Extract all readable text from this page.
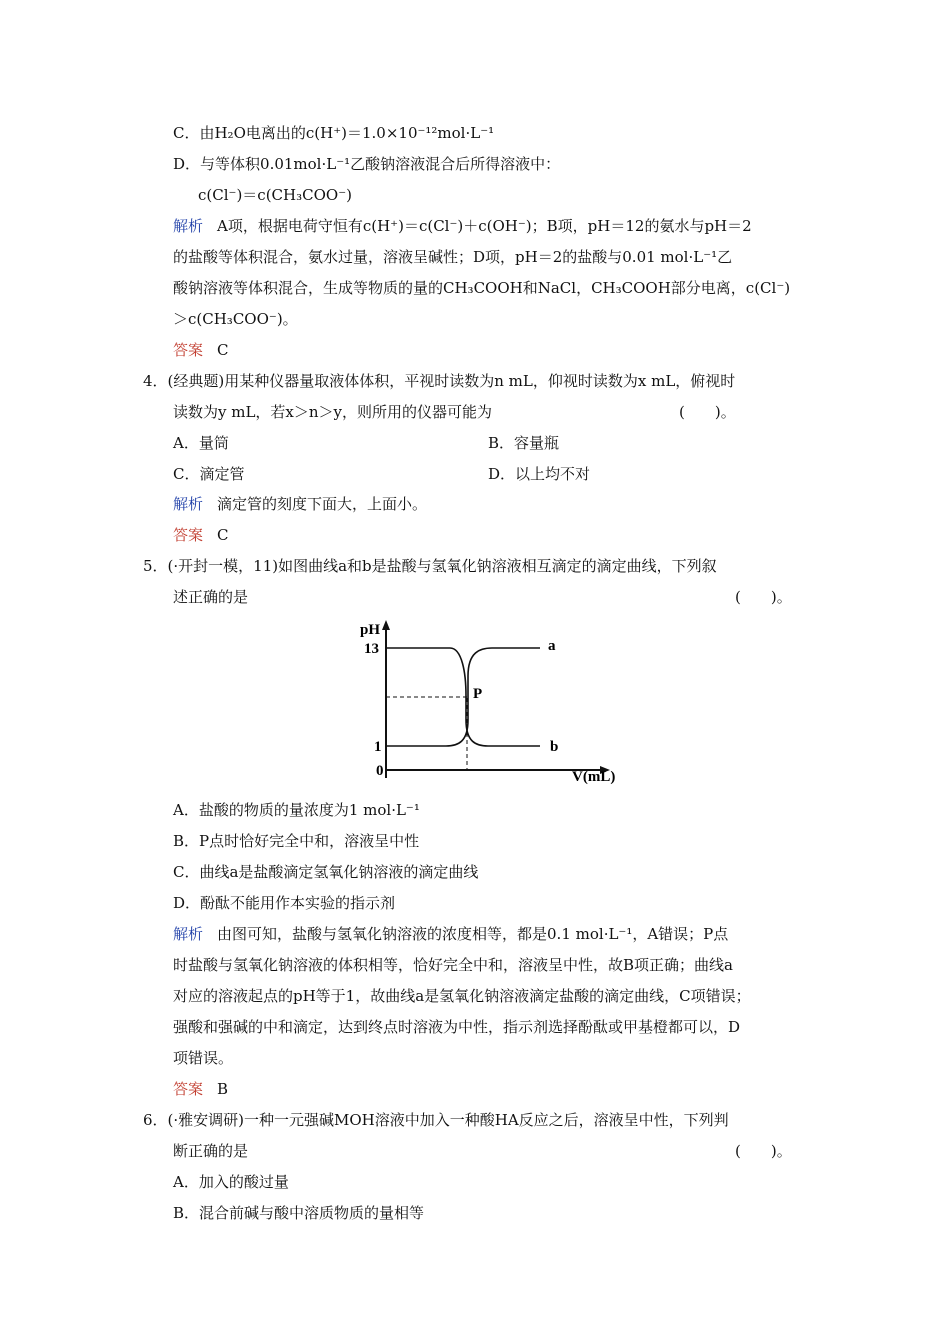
C．由H₂O电离出的c(H⁺)＝1.0×10⁻¹²mol·L⁻¹
D．与等体积0.01mol·L⁻¹乙酸钠溶液混合后所得溶液中：
c(Cl⁻)＝c(CH₃COO⁻)
解析 A项，根据电荷守恒有c(H⁺)＝c(Cl⁻)＋c(OH⁻)；B项，pH＝12的氨水与pH＝2
的盐酸等体积混合，氨水过量，溶液呈碱性；D项，pH＝2的盐酸与0.01 mol·L⁻¹乙
酸钠溶液等体积混合，生成等物质的量的CH₃COOH和NaCl，CH₃COOH部分电离，c(Cl⁻)
＞c(CH₃COO⁻)。
答案 C
4．(经典题)用某种仪器量取液体体积，平视时读数为n mL，仰视时读数为x mL，俯视时
读数为y mL，若x＞n＞y，则所用的仪器可能为	(　　)。
A．量筒	B．容量瓶
C．滴定管	D．以上均不对
解析 滴定管的刻度下面大，上面小。
答案 C
5．(·开封一模，11)如图曲线a和b是盐酸与氢氧化钠溶液相互滴定的滴定曲线，下列叙
述正确的是	(　　)。
pH
13
1
0	V(mL)
a
b
P
A．盐酸的物质的量浓度为1 mol·L⁻¹
B．P点时恰好完全中和，溶液呈中性
C．曲线a是盐酸滴定氢氧化钠溶液的滴定曲线
D．酚酞不能用作本实验的指示剂
解析 由图可知，盐酸与氢氧化钠溶液的浓度相等，都是0.1 mol·L⁻¹，A错误；P点
时盐酸与氢氧化钠溶液的体积相等，恰好完全中和，溶液呈中性，故B项正确；曲线a
对应的溶液起点的pH等于1，故曲线a是氢氧化钠溶液滴定盐酸的滴定曲线，C项错误；
强酸和强碱的中和滴定，达到终点时溶液为中性，指示剂选择酚酞或甲基橙都可以，D
项错误。
答案 B
6．(·雅安调研)一种一元强碱MOH溶液中加入一种酸HA反应之后，溶液呈中性，下列判
断正确的是	(　　)。
A．加入的酸过量
B．混合前碱与酸中溶质物质的量相等
